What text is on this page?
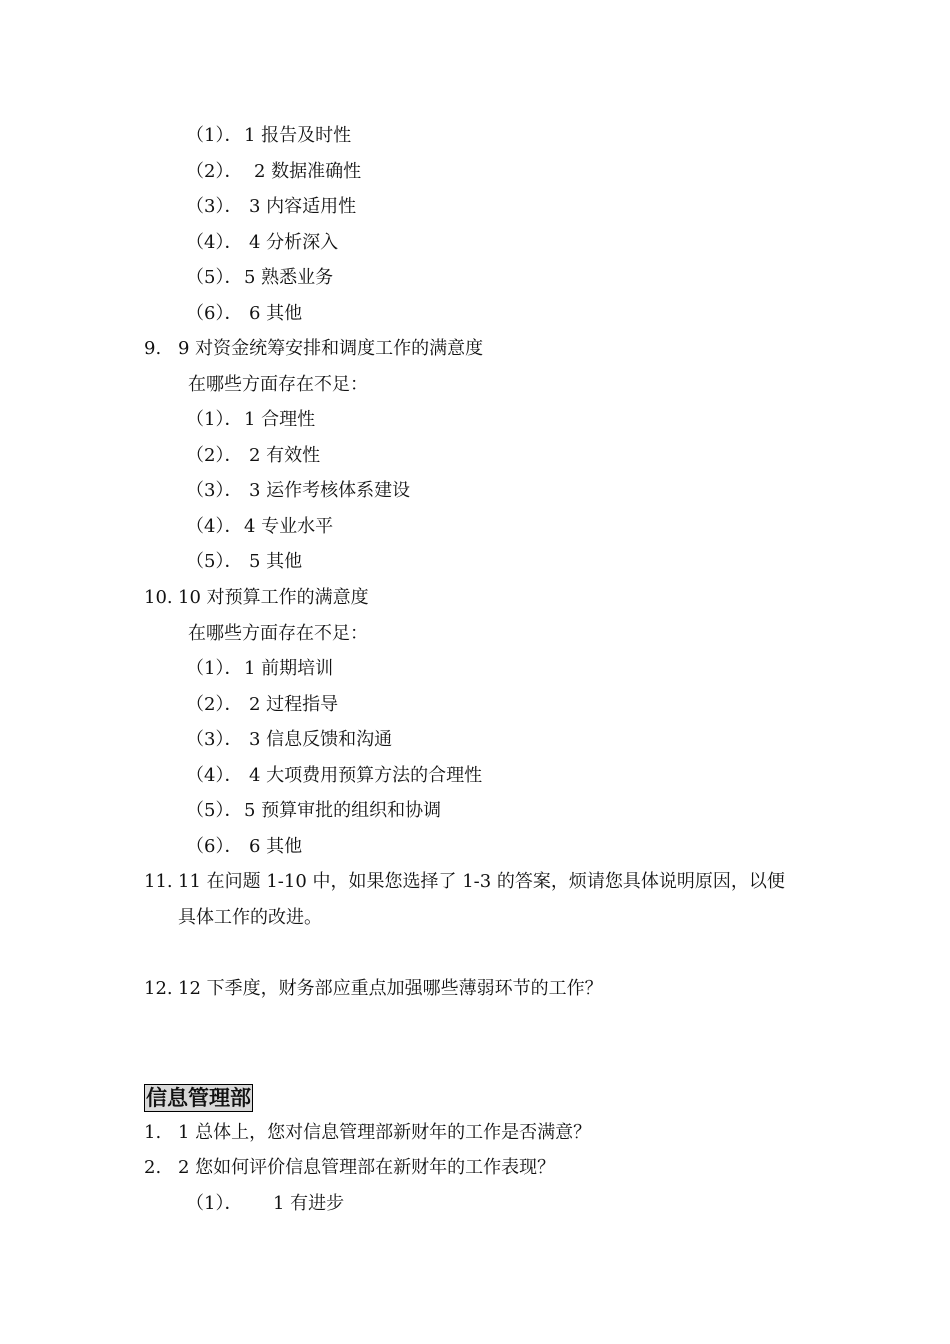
（1）． 1 报告及时性
（2）． 2 数据准确性
（3）． 3 内容适用性
（4）． 4 分析深入
（5）． 5 熟悉业务
（6）． 6 其他
9. 9 对资金统筹安排和调度工作的满意度
在哪些方面存在不足：
（1）． 1 合理性
（2）． 2 有效性
（3）． 3 运作考核体系建设
（4）． 4 专业水平
（5）． 5 其他
10. 10 对预算工作的满意度
在哪些方面存在不足：
（1）． 1 前期培训
（2）． 2 过程指导
（3）． 3 信息反馈和沟通
（4）． 4 大项费用预算方法的合理性
（5）． 5 预算审批的组织和协调
（6）． 6 其他
11. 11 在问题 1-10 中，如果您选择了 1-3 的答案，烦请您具体说明原因，以便
具体工作的改进。
12. 12 下季度，财务部应重点加强哪些薄弱环节的工作？
信息管理部
1. 1 总体上，您对信息管理部新财年的工作是否满意？
2. 2 您如何评价信息管理部在新财年的工作表现？
（1）． 1 有进步
